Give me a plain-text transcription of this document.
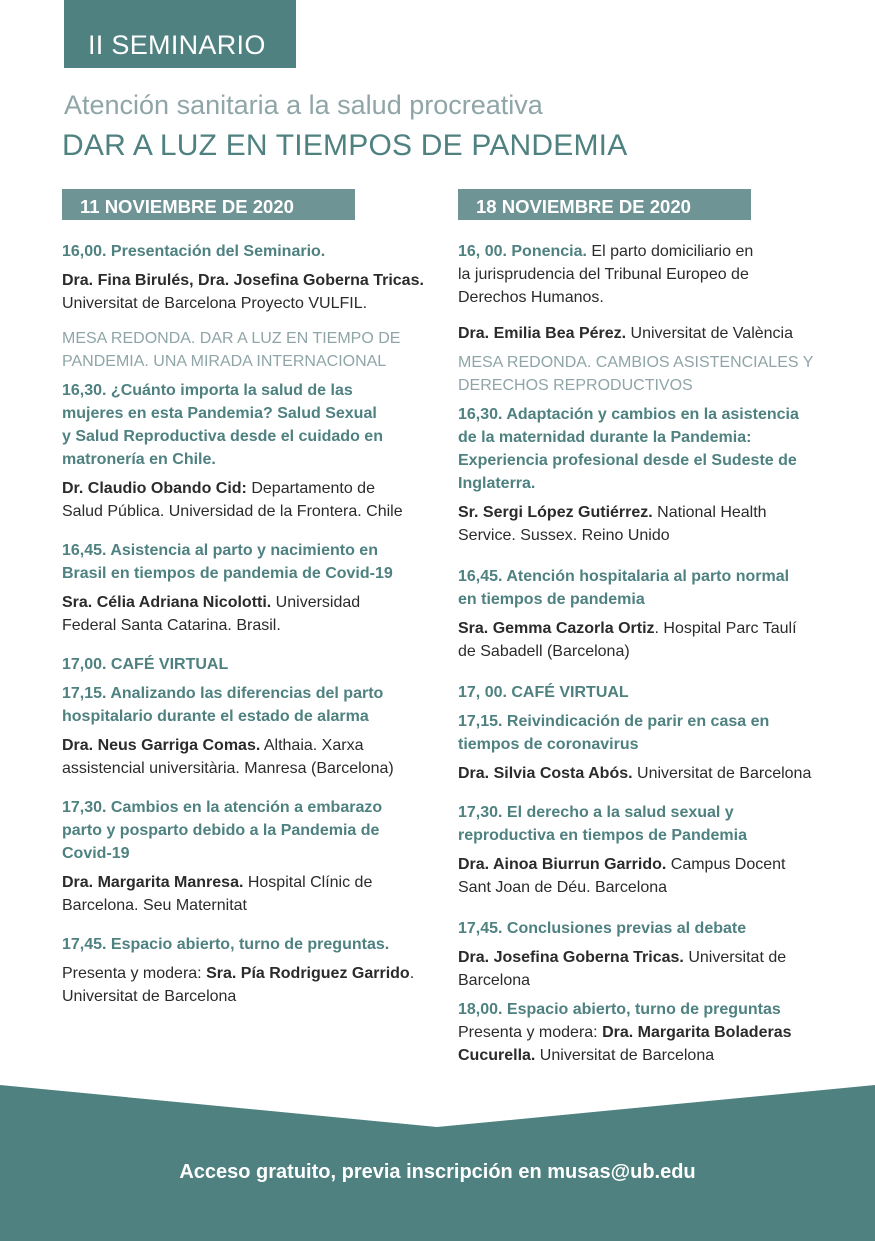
II SEMINARIO
Atención sanitaria a la salud procreativa
DAR A LUZ EN TIEMPOS DE PANDEMIA
11 NOVIEMBRE DE 2020	18 NOVIEMBRE DE 2020
16,00. Presentación del Seminario.
Dra. Fina Birulés, Dra. Josefina Goberna Tricas.
Universitat de Barcelona Proyecto VULFIL.
MESA REDONDA. DAR A LUZ EN TIEMPO DE
PANDEMIA. UNA MIRADA INTERNACIONAL
16,30. ¿Cuánto importa la salud de las
mujeres en esta Pandemia? Salud Sexual
y Salud Reproductiva desde el cuidado en
matronería en Chile.
Dr. Claudio Obando Cid: Departamento de
Salud Pública. Universidad de la Frontera. Chile
16,45. Asistencia al parto y nacimiento en
Brasil en tiempos de pandemia de Covid-19
Sra. Célia Adriana Nicolotti. Universidad
Federal Santa Catarina. Brasil.
17,00. CAFÉ VIRTUAL
17,15. Analizando las diferencias del parto
hospitalario durante el estado de alarma
Dra. Neus Garriga Comas. Althaia. Xarxa
assistencial universitària. Manresa (Barcelona)
17,30. Cambios en la atención a embarazo
parto y posparto debido a la Pandemia de
Covid-19
Dra. Margarita Manresa. Hospital Clínic de
Barcelona. Seu Maternitat
17,45. Espacio abierto, turno de preguntas.
Presenta y modera: Sra. Pía Rodriguez Garrido.
Universitat de Barcelona
16, 00. Ponencia. El parto domiciliario en
la jurisprudencia del Tribunal Europeo de
Derechos Humanos.
Dra. Emilia Bea Pérez. Universitat de València
MESA REDONDA. CAMBIOS ASISTENCIALES Y
DERECHOS REPRODUCTIVOS
16,30. Adaptación y cambios en la asistencia
de la maternidad durante la Pandemia:
Experiencia profesional desde el Sudeste de
Inglaterra.
Sr. Sergi López Gutiérrez. National Health
Service. Sussex. Reino Unido
16,45. Atención hospitalaria al parto normal
en tiempos de pandemia
Sra. Gemma Cazorla Ortiz. Hospital Parc Taulí
de Sabadell (Barcelona)
17, 00. CAFÉ VIRTUAL
17,15. Reivindicación de parir en casa en
tiempos de coronavirus
Dra. Silvia Costa Abós. Universitat de Barcelona
17,30. El derecho a la salud sexual y
reproductiva en tiempos de Pandemia
Dra. Ainoa Biurrun Garrido. Campus Docent
Sant Joan de Déu. Barcelona
17,45. Conclusiones previas al debate
Dra. Josefina Goberna Tricas. Universitat de
Barcelona
18,00. Espacio abierto, turno de preguntas
Presenta y modera: Dra. Margarita Boladeras
Cucurella. Universitat de Barcelona
Acceso gratuito, previa inscripción en musas@ub.edu
